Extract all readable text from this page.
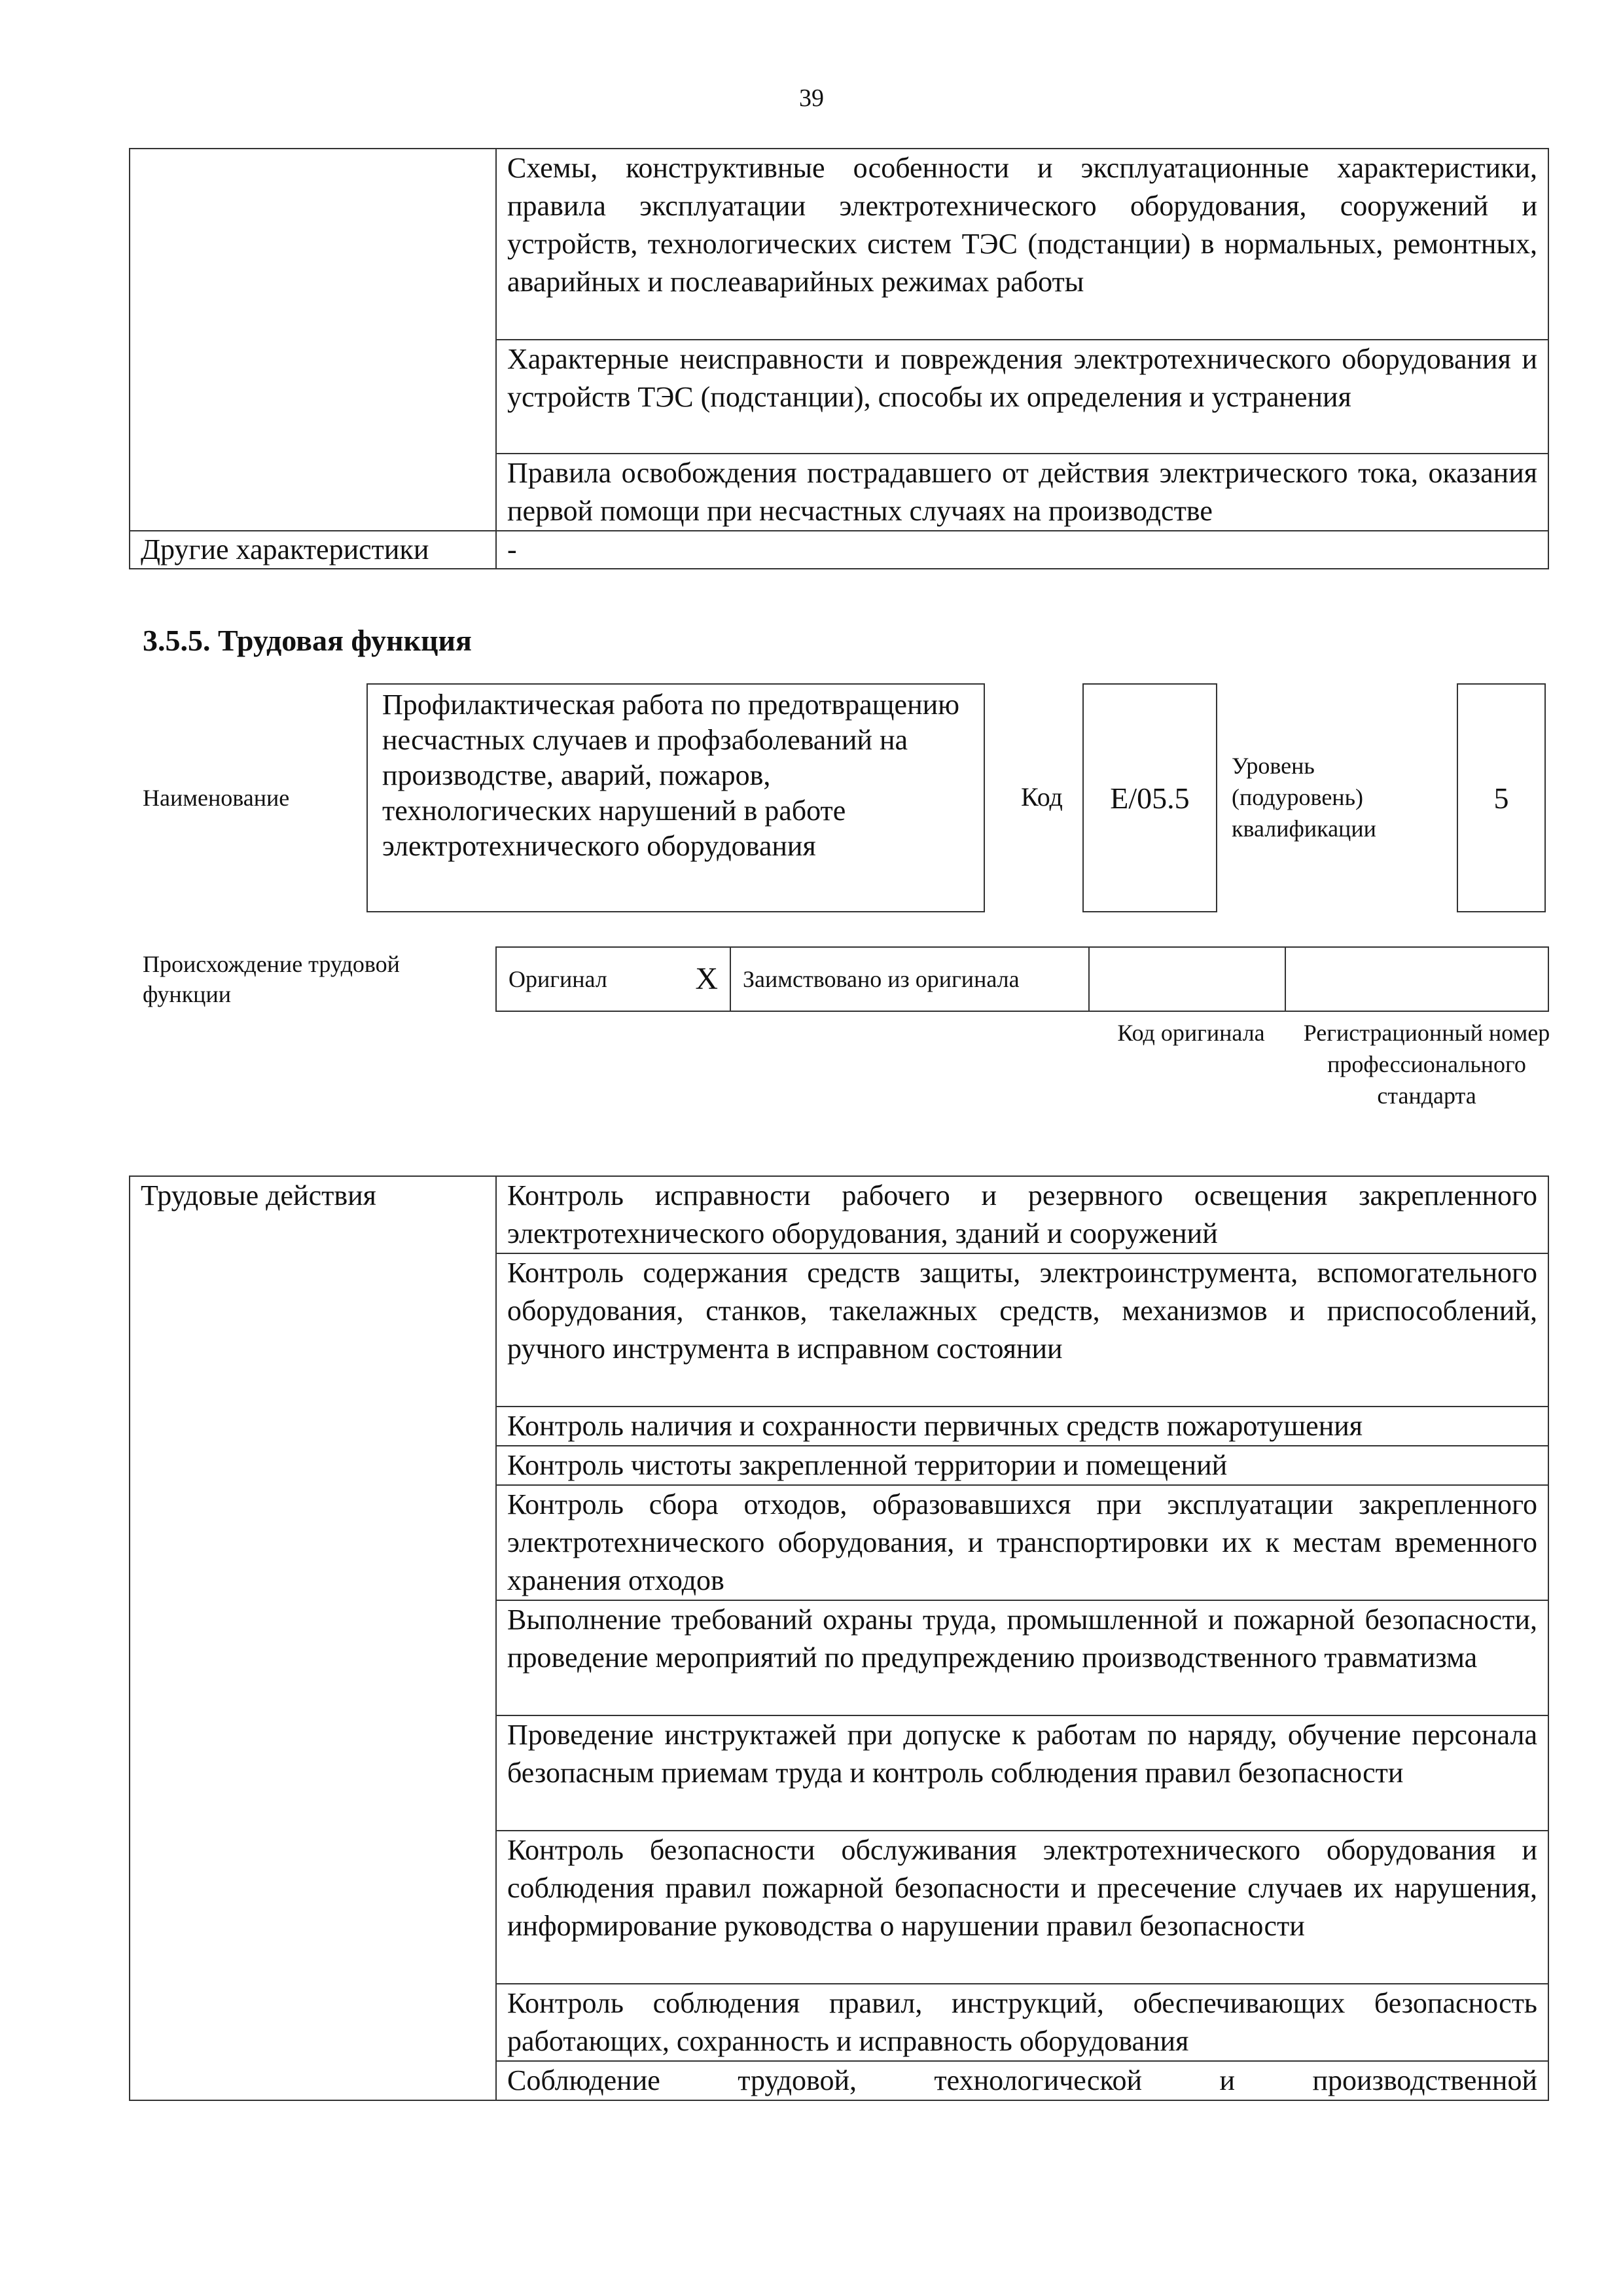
39
	Схемы, конструктивные особенности и эксплуатационные характеристики, правила эксплуатации электротехнического оборудования, сооружений и устройств, технологических систем ТЭС (подстанции) в нормальных, ремонтных, аварийных и послеаварийных режимах работы
	Характерные неисправности и повреждения электротехнического оборудования и устройств ТЭС (подстанции), способы их определения и устранения
	Правила освобождения пострадавшего от действия электрического тока, оказания первой помощи при несчастных случаях на производстве
Другие характеристики	-
3.5.5. Трудовая функция
Наименование
Профилактическая работа по предотвращению несчастных случаев и профзаболеваний на производстве, аварий, пожаров, технологических нарушений в работе электротехнического оборудования
Код	E/05.5
Уровень (подуровень) квалификации
5
Происхождение трудовой функции
Оригинал	X	Заимствовано из оригинала		
Код оригинала Регистрационный номер профессионального стандарта
Трудовые действия	Контроль исправности рабочего и резервного освещения закрепленного электротехнического оборудования, зданий и сооружений
Контроль содержания средств защиты, электроинструмента, вспомогательного оборудования, станков, такелажных средств, механизмов и приспособлений, ручного инструмента в исправном состоянии
Контроль наличия и сохранности первичных средств пожаротушения
Контроль чистоты закрепленной территории и помещений
Контроль сбора отходов, образовавшихся при эксплуатации закрепленного электротехнического оборудования, и транспортировки их к местам временного хранения отходов
Выполнение требований охраны труда, промышленной и пожарной безопасности, проведение мероприятий по предупреждению производственного травматизма
Проведение инструктажей при допуске к работам по наряду, обучение персонала безопасным приемам труда и контроль соблюдения правил безопасности
Контроль безопасности обслуживания электротехнического оборудования и соблюдения правил пожарной безопасности и пресечение случаев их нарушения, информирование руководства о нарушении правил безопасности
Контроль соблюдения правил, инструкций, обеспечивающих безопасность работающих, сохранность и исправность оборудования
Соблюдение трудовой, технологической и производственной
